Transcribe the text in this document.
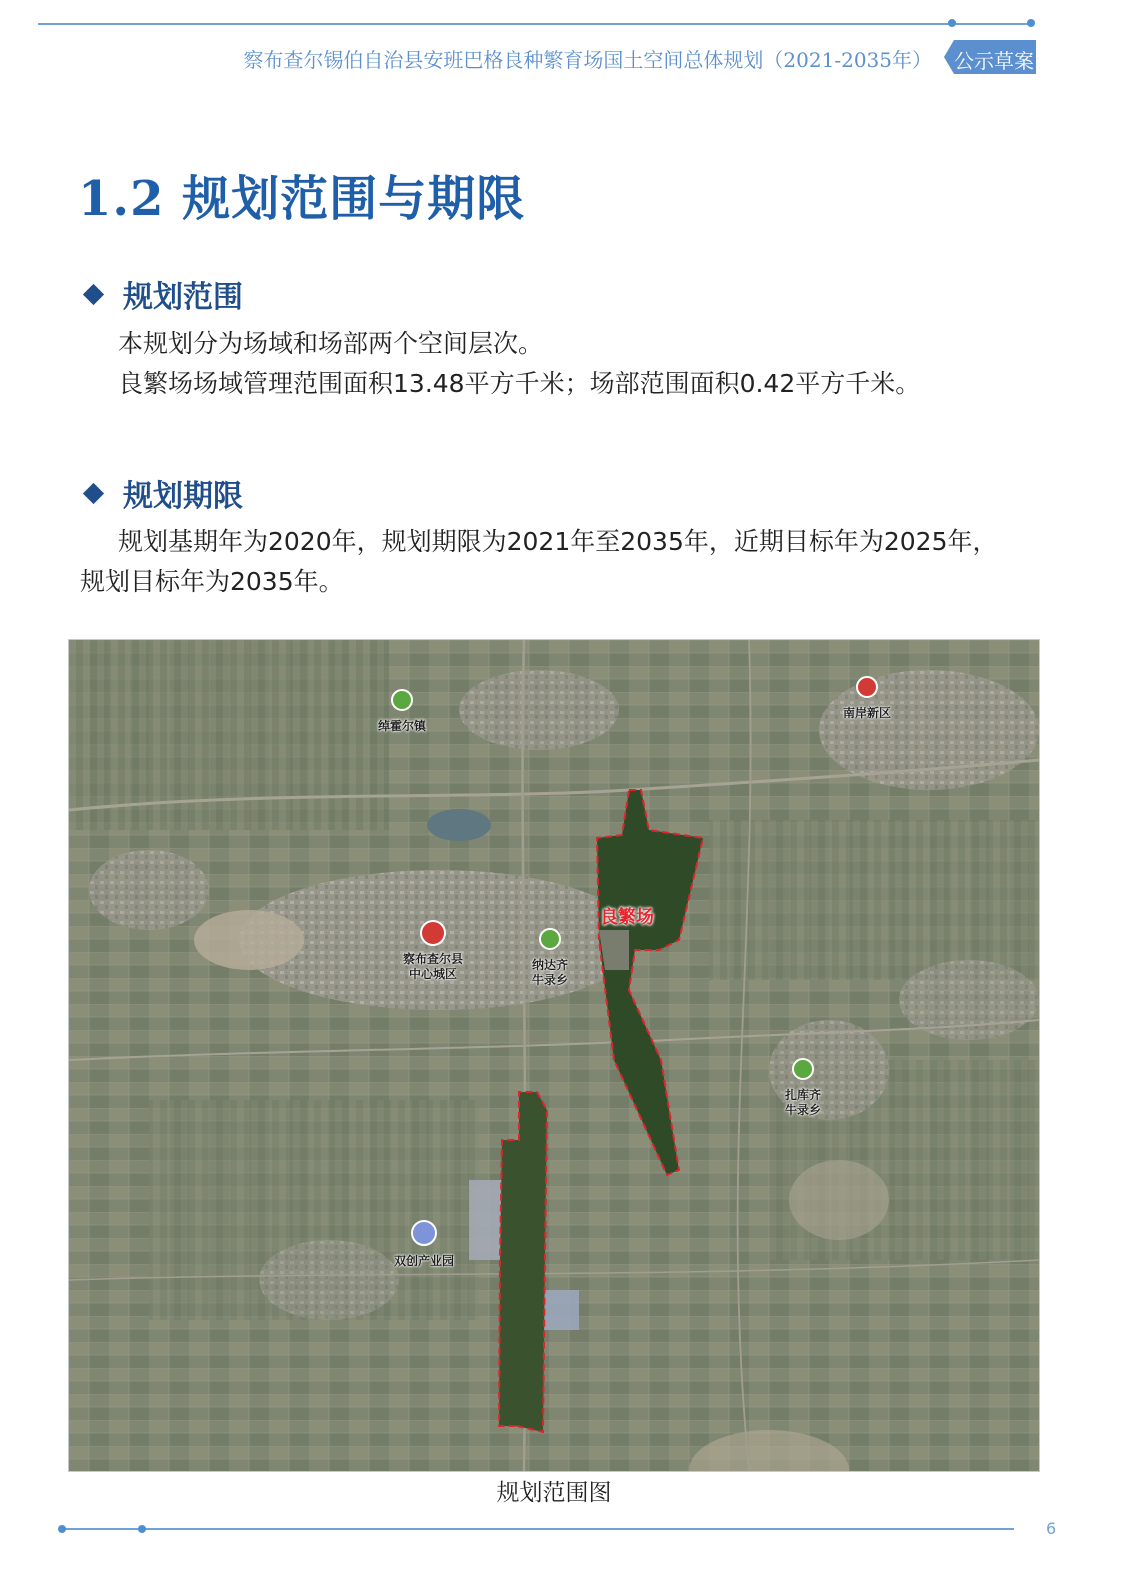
察布查尔锡伯自治县安班巴格良种繁育场国土空间总体规划（2021-2035年）	公示草案
1.2 规划范围与期限
规划范围

本规划分为场域和场部两个空间层次。

良繁场场域管理范围面积13.48平方千米；场部范围面积0.42平方千米。

规划期限

规划基期年为2020年，规划期限为2021年至2035年，近期目标年为2025年，

规划目标年为2035年。

绰霍尔镇
南岸新区
察布查尔县
中心城区
纳达齐
牛录乡
扎库齐
牛录乡
双创产业园
良繁场
规划范围图
6
